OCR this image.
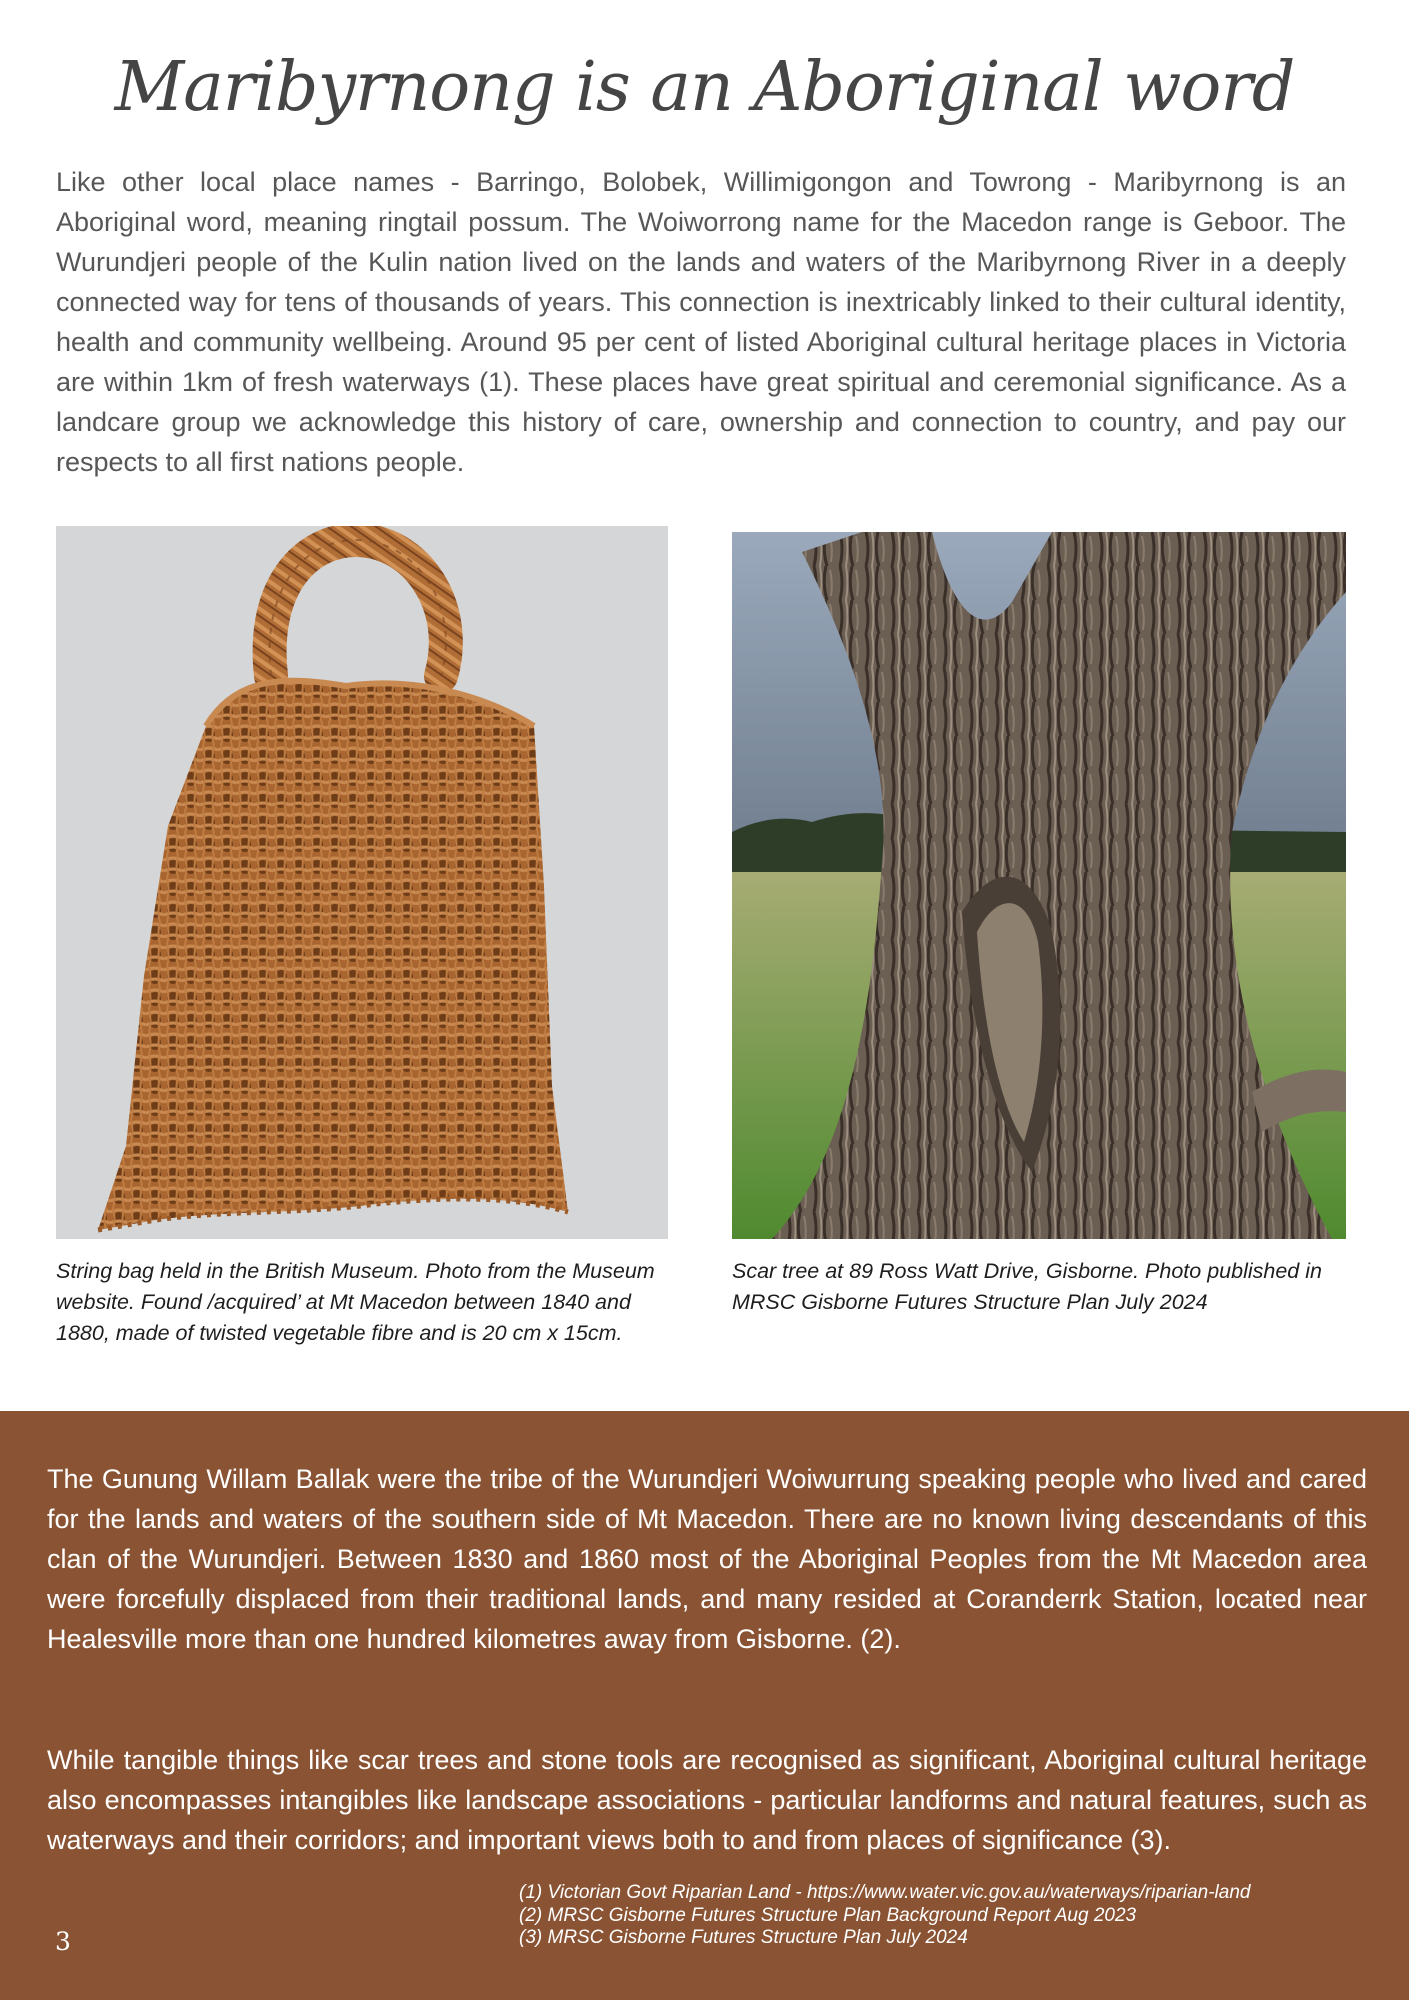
Maribyrnong is an Aboriginal word

Like other local place names - Barringo, Bolobek, Willimigongon and Towrong - Maribyrnong is an Aboriginal word, meaning ringtail possum. The Woiworrong name for the Macedon range is Geboor. The Wurundjeri people of the Kulin nation lived on the lands and waters of the Maribyrnong River in a deeply connected way for tens of thousands of years. This connection is inextricably linked to their cultural identity, health and community wellbeing. Around 95 per cent of listed Aboriginal cultural heritage places in Victoria are within 1km of fresh waterways (1). These places have great spiritual and ceremonial significance. As a landcare group we acknowledge this history of care, ownership and connection to country, and pay our respects to all first nations people.

String bag held in the British Museum. Photo from the Museum website. Found /acquired’ at Mt Macedon between 1840 and 1880, made of twisted vegetable fibre and is 20 cm x 15cm.

Scar tree at 89 Ross Watt Drive, Gisborne. Photo published in MRSC Gisborne Futures Structure Plan July 2024

The Gunung Willam Ballak were the tribe of the Wurundjeri Woiwurrung speaking people who lived and cared for the lands and waters of the southern side of Mt Macedon. There are no known living descendants of this clan of the Wurundjeri. Between 1830 and 1860 most of the Aboriginal Peoples from the Mt Macedon area were forcefully displaced from their traditional lands, and many resided at Coranderrk Station, located near Healesville more than one hundred kilometres away from Gisborne. (2).

While tangible things like scar trees and stone tools are recognised as significant, Aboriginal cultural heritage also encompasses intangibles like landscape associations - particular landforms and natural features, such as waterways and their corridors; and important views both to and from places of significance (3).

(1) Victorian Govt Riparian Land - https://www.water.vic.gov.au/waterways/riparian-land
(2) MRSC Gisborne Futures Structure Plan Background Report Aug 2023
(3) MRSC Gisborne Futures Structure Plan July 2024
3
